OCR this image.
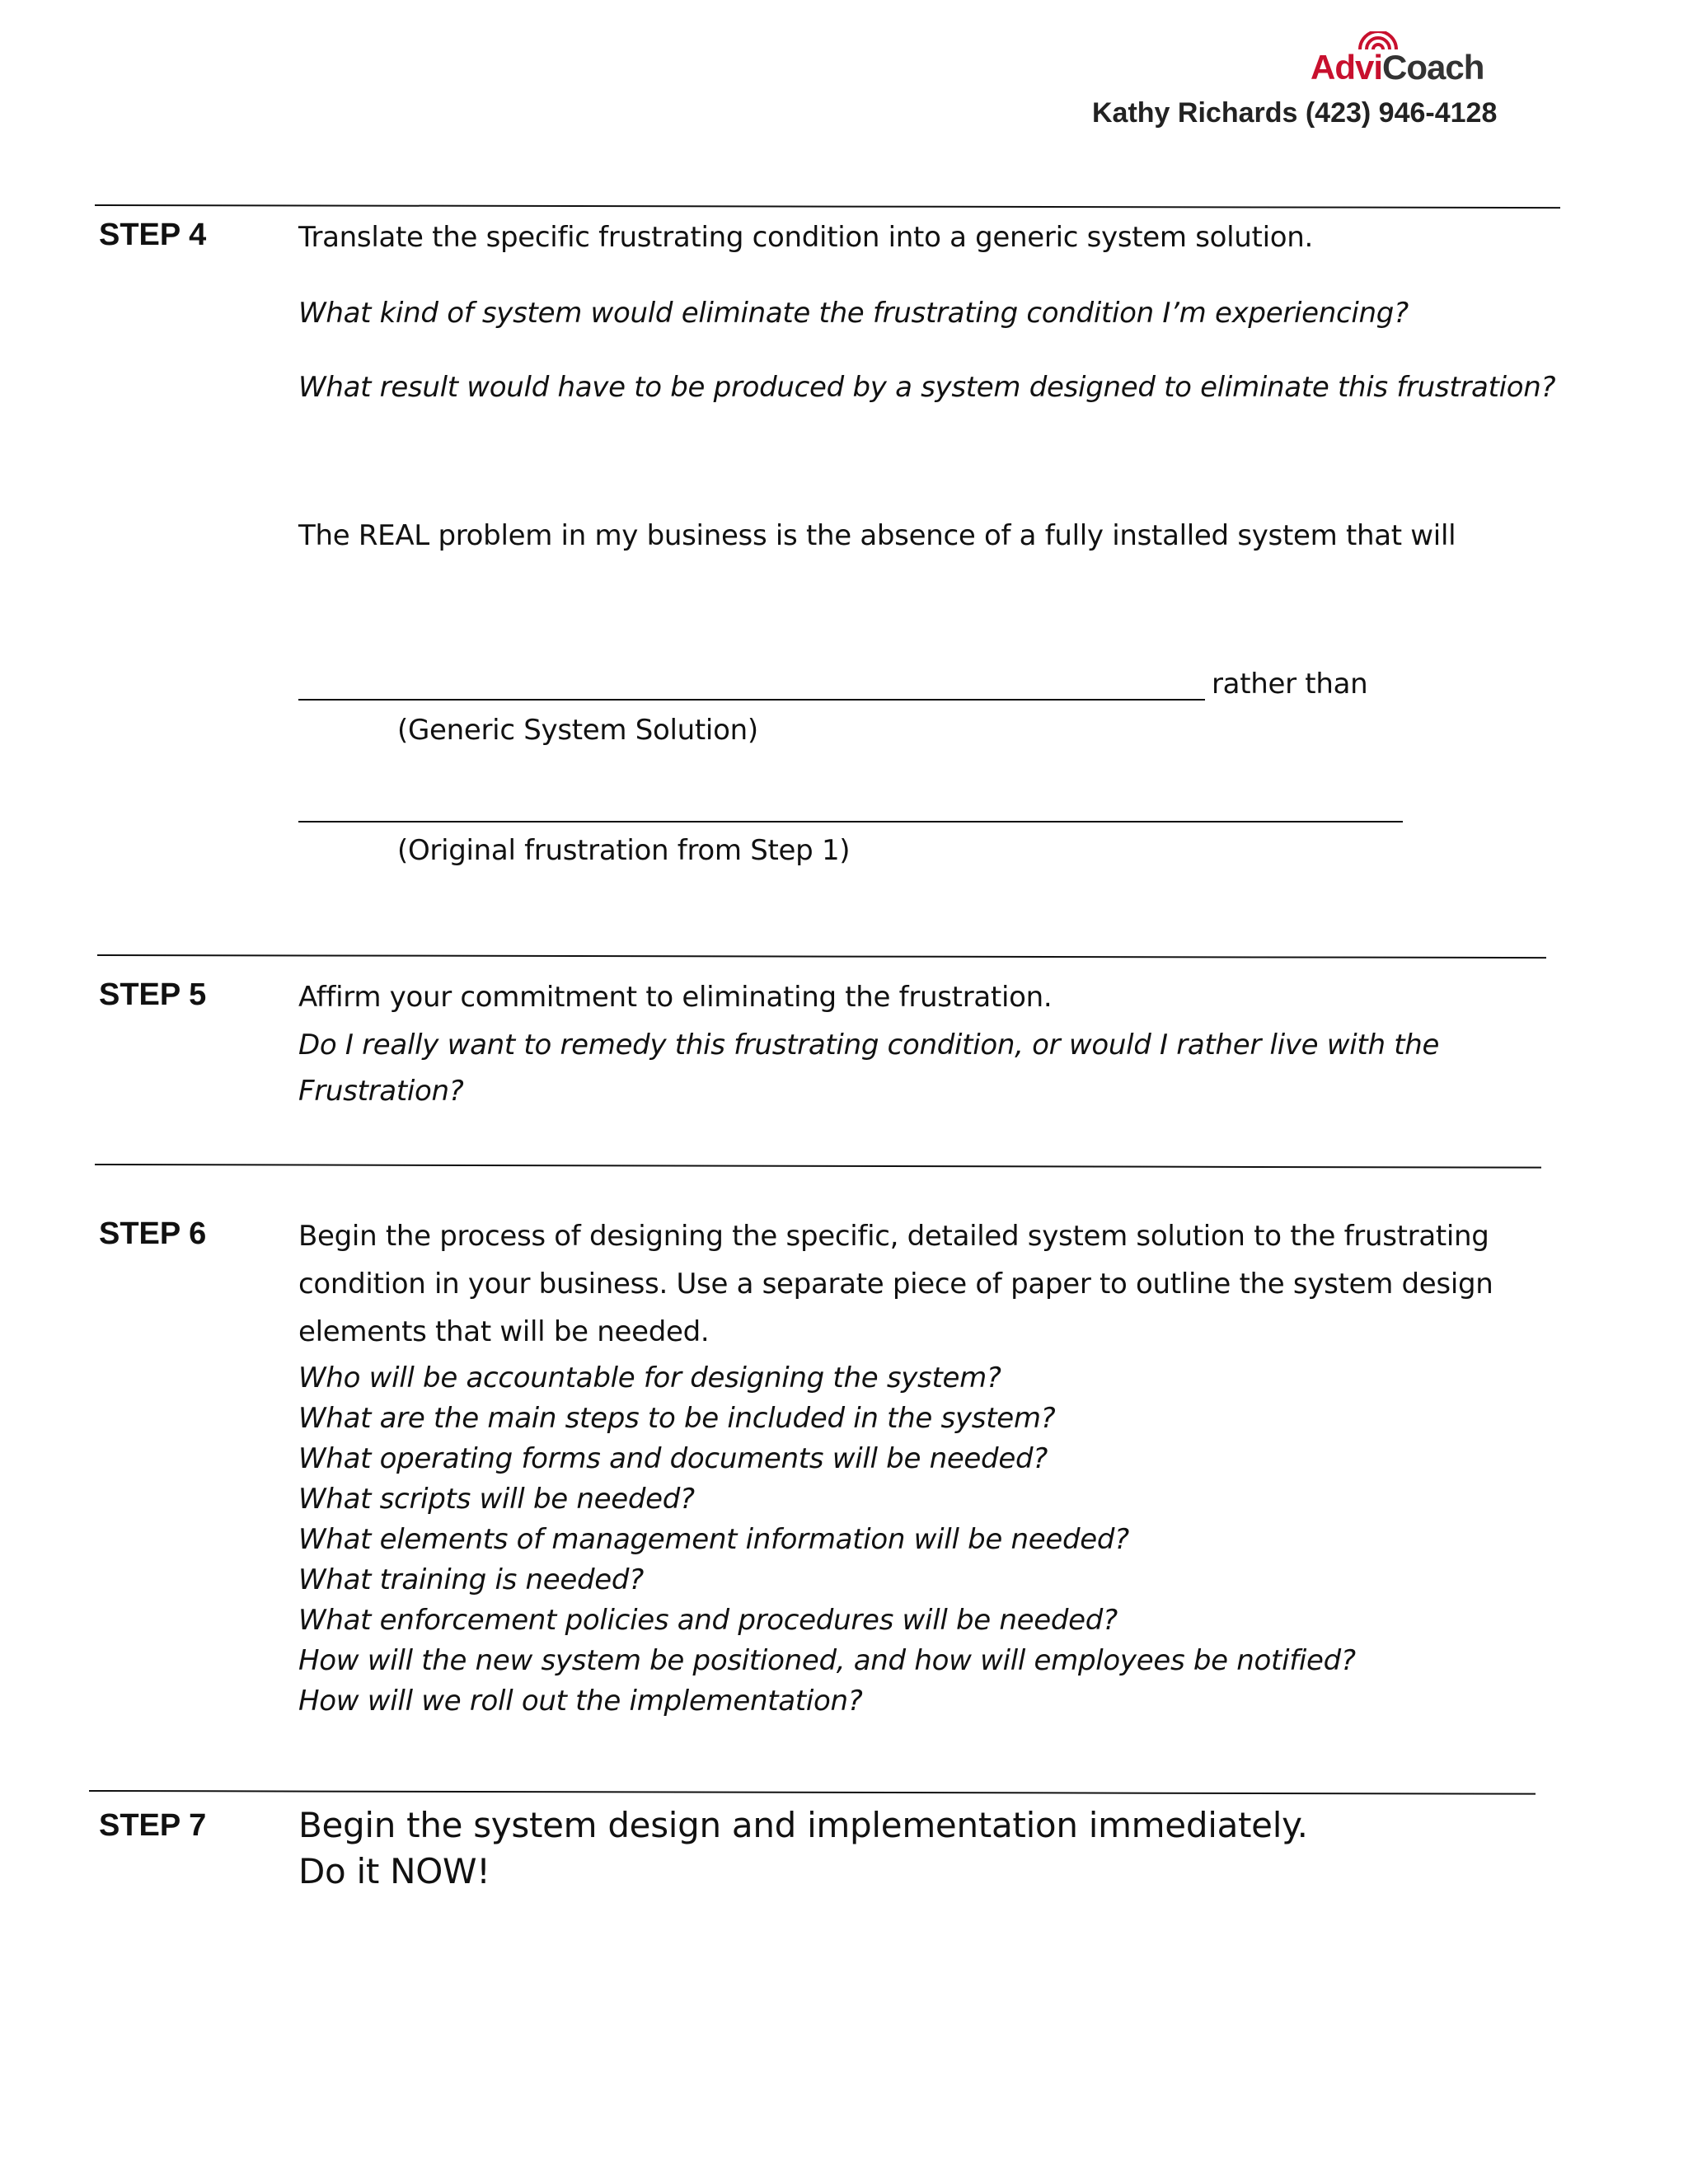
AdviCoach
Kathy Richards (423) 946-4128
STEP 4	Translate the specific frustrating condition into a generic system solution.
What kind of system would eliminate the frustrating condition I’m experiencing?
What result would have to be produced by a system designed to eliminate this frustration?
The REAL problem in my business is the absence of a fully installed system that will
rather than
(Generic System Solution)
(Original frustration from Step 1)
STEP 5	Affirm your commitment to eliminating the frustration.
Do I really want to remedy this frustrating condition, or would I rather live with the
Frustration?
STEP 6	Begin the process of designing the specific, detailed system solution to the frustrating
condition in your business. Use a separate piece of paper to outline the system design
elements that will be needed.
Who will be accountable for designing the system?
What are the main steps to be included in the system?
What operating forms and documents will be needed?
What scripts will be needed?
What elements of management information will be needed?
What training is needed?
What enforcement policies and procedures will be needed?
How will the new system be positioned, and how will employees be notified?
How will we roll out the implementation?
STEP 7	Begin the system design and implementation immediately.
Do it NOW!
